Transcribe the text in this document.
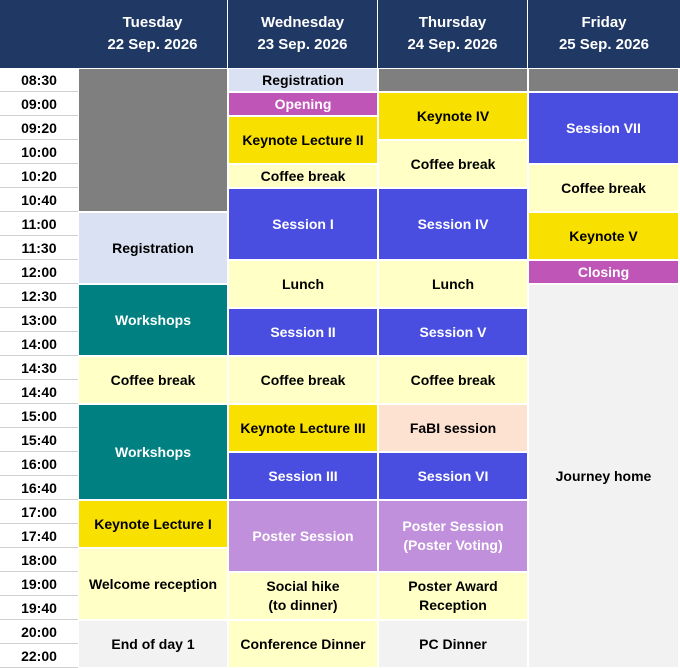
Tuesday
22 Sep. 2026
Wednesday
23 Sep. 2026
Thursday
24 Sep. 2026
Friday
25 Sep. 2026
08:30
09:00
09:20
10:00
10:20
10:40
11:00
11:30
12:00
12:30
13:00
14:00
14:30
14:40
15:00
15:40
16:00
16:40
17:00
17:40
18:00
19:00
19:40
20:00
22:00
Registration
Workshops
Coffee break
Workshops
Keynote Lecture I
Welcome reception
End of day 1
Registration
Opening
Keynote Lecture II
Coffee break
Session I
Lunch
Session II
Coffee break
Keynote Lecture III
Session III
Poster Session
Social hike
(to dinner)
Conference Dinner
Keynote IV
Coffee break
Session IV
Lunch
Session V
Coffee break
FaBI session
Session VI
Poster Session
(Poster Voting)
Poster Award
Reception
PC Dinner
Session VII
Coffee break
Keynote V
Closing
Journey home
